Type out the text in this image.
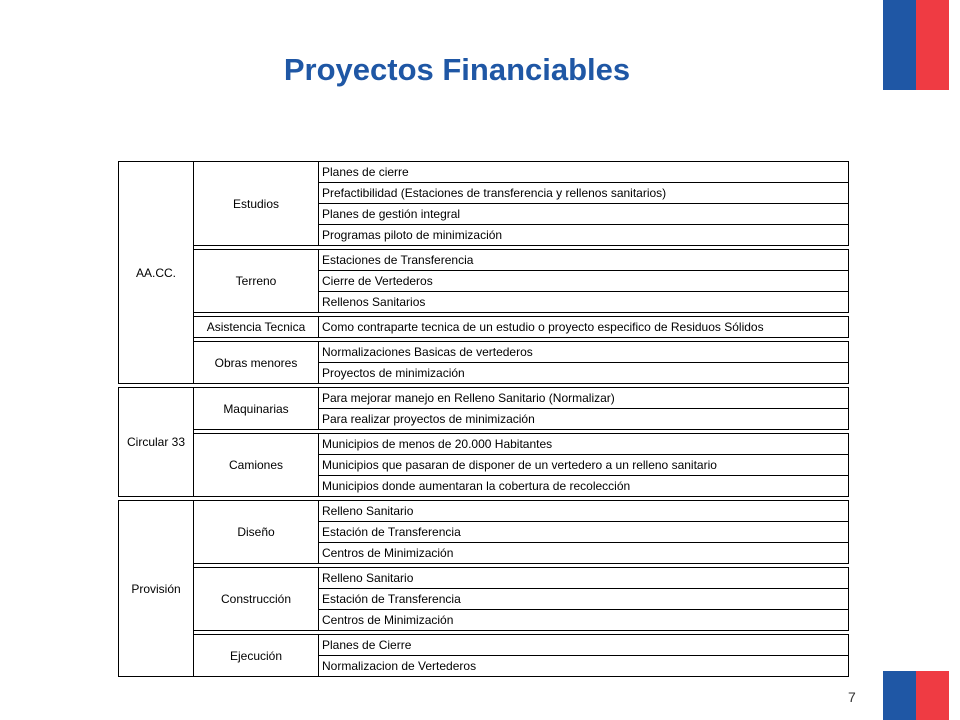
Proyectos Financiables
AA.CC.	Estudios	Planes de cierre
		Prefactibilidad (Estaciones de transferencia y rellenos sanitarios)
		Planes de gestión integral
		Programas piloto de minimización

	Terreno	Estaciones de Transferencia
		Cierre de Vertederos
		Rellenos Sanitarios

	Asistencia Tecnica	Como contraparte tecnica de un estudio o proyecto especifico de Residuos Sólidos

	Obras menores	Normalizaciones Basicas de vertederos
		Proyectos de minimización

Circular 33	Maquinarias	Para mejorar manejo en Relleno Sanitario (Normalizar)
		Para realizar proyectos de minimización

	Camiones	Municipios de menos de 20.000 Habitantes
		Municipios que pasaran de disponer de un vertedero a un relleno sanitario
		Municipios donde aumentaran la cobertura de recolección

Provisión	Diseño	Relleno Sanitario
		Estación de Transferencia
		Centros de Minimización

	Construcción	Relleno Sanitario
		Estación de Transferencia
		Centros de Minimización

	Ejecución	Planes de Cierre
		Normalizacion de Vertederos
7
